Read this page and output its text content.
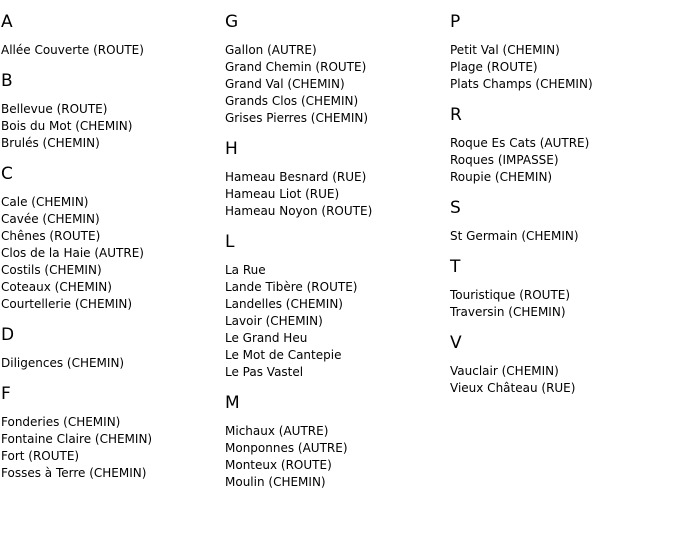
A
Allée Couverte (ROUTE)
B
Bellevue (ROUTE)
Bois du Mot (CHEMIN)
Brulés (CHEMIN)
C
Cale (CHEMIN)
Cavée (CHEMIN)
Chênes (ROUTE)
Clos de la Haie (AUTRE)
Costils (CHEMIN)
Coteaux (CHEMIN)
Courtellerie (CHEMIN)
D
Diligences (CHEMIN)
F
Fonderies (CHEMIN)
Fontaine Claire (CHEMIN)
Fort (ROUTE)
Fosses à Terre (CHEMIN)
G
Gallon (AUTRE)
Grand Chemin (ROUTE)
Grand Val (CHEMIN)
Grands Clos (CHEMIN)
Grises Pierres (CHEMIN)
H
Hameau Besnard (RUE)
Hameau Liot (RUE)
Hameau Noyon (ROUTE)
L
La Rue
Lande Tibère (ROUTE)
Landelles (CHEMIN)
Lavoir (CHEMIN)
Le Grand Heu
Le Mot de Cantepie
Le Pas Vastel
M
Michaux (AUTRE)
Monponnes (AUTRE)
Monteux (ROUTE)
Moulin (CHEMIN)
P
Petit Val (CHEMIN)
Plage (ROUTE)
Plats Champs (CHEMIN)
R
Roque Es Cats (AUTRE)
Roques (IMPASSE)
Roupie (CHEMIN)
S
St Germain (CHEMIN)
T
Touristique (ROUTE)
Traversin (CHEMIN)
V
Vauclair (CHEMIN)
Vieux Château (RUE)
